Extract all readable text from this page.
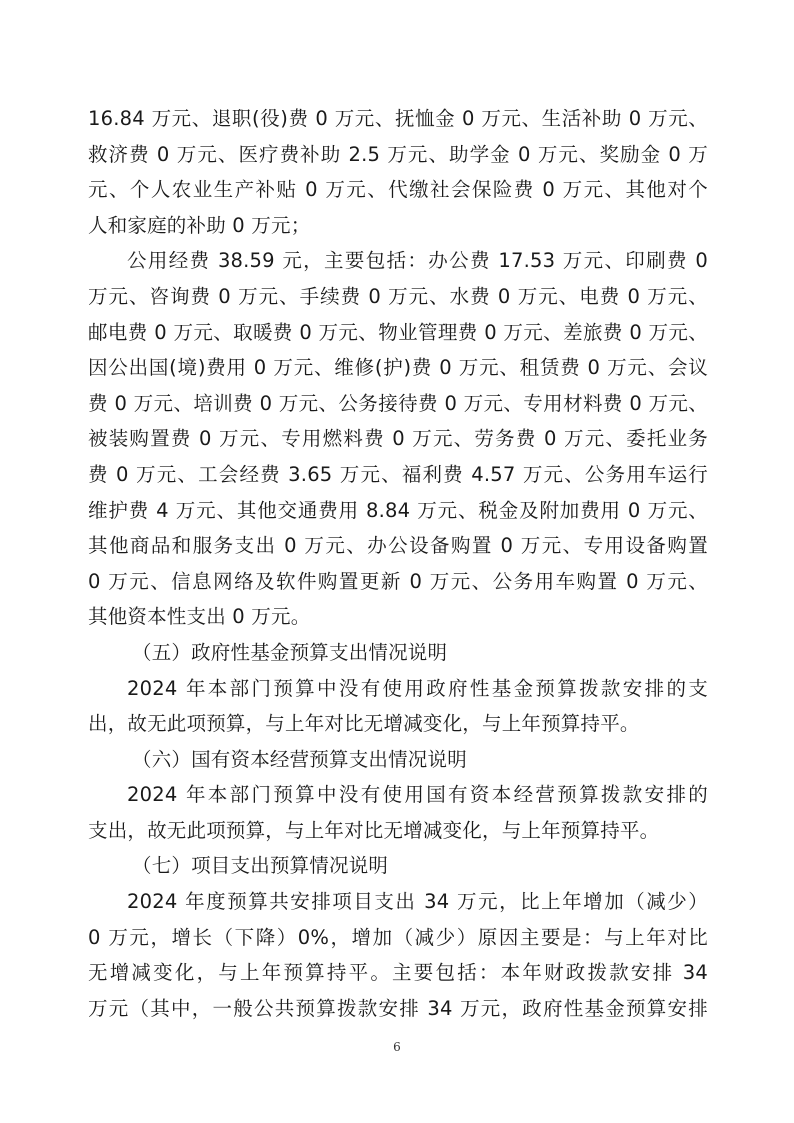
16.84 万元、退职(役)费 0 万元、抚恤金 0 万元、生活补助 0 万元、
救济费 0 万元、医疗费补助 2.5 万元、助学金 0 万元、奖励金 0 万
元、个人农业生产补贴 0 万元、代缴社会保险费 0 万元、其他对个
人和家庭的补助 0 万元；
公用经费 38.59 元，主要包括：办公费 17.53 万元、印刷费 0
万元、咨询费 0 万元、手续费 0 万元、水费 0 万元、电费 0 万元、
邮电费 0 万元、取暖费 0 万元、物业管理费 0 万元、差旅费 0 万元、
因公出国(境)费用 0 万元、维修(护)费 0 万元、租赁费 0 万元、会议
费 0 万元、培训费 0 万元、公务接待费 0 万元、专用材料费 0 万元、
被装购置费 0 万元、专用燃料费 0 万元、劳务费 0 万元、委托业务
费 0 万元、工会经费 3.65 万元、福利费 4.57 万元、公务用车运行
维护费 4 万元、其他交通费用 8.84 万元、税金及附加费用 0 万元、
其他商品和服务支出 0 万元、办公设备购置 0 万元、专用设备购置
0 万元、信息网络及软件购置更新 0 万元、公务用车购置 0 万元、
其他资本性支出 0 万元。
（五）政府性基金预算支出情况说明
2024 年本部门预算中没有使用政府性基金预算拨款安排的支
出，故无此项预算，与上年对比无增减变化，与上年预算持平。
（六）国有资本经营预算支出情况说明
2024 年本部门预算中没有使用国有资本经营预算拨款安排的
支出，故无此项预算，与上年对比无增减变化，与上年预算持平。
（七）项目支出预算情况说明
2024 年度预算共安排项目支出 34 万元，比上年增加（减少）
0 万元，增长（下降）0%，增加（减少）原因主要是：与上年对比
无增减变化，与上年预算持平。主要包括：本年财政拨款安排 34
万元（其中，一般公共预算拨款安排 34 万元，政府性基金预算安排
6
